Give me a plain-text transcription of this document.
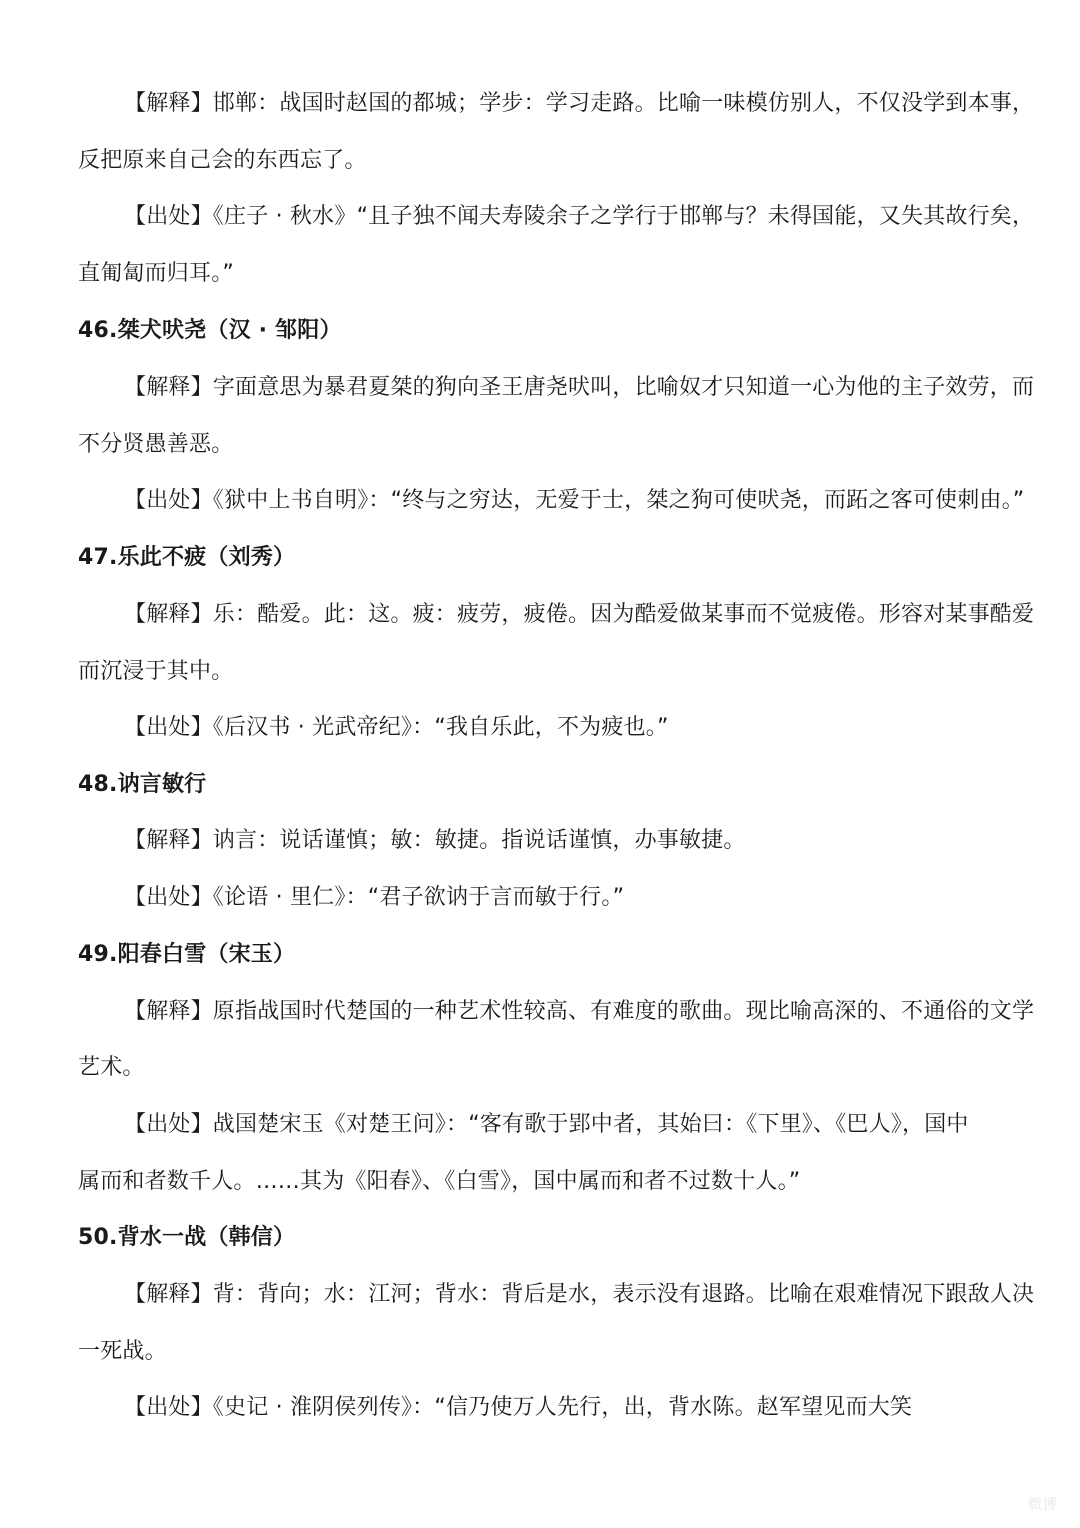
【解释】邯郸：战国时赵国的都城；学步：学习走路。比喻一味模仿别人，不仅没学到本事，
反把原来自己会的东西忘了。
【出处】《庄子 · 秋水》“且子独不闻夫寿陵余子之学行于邯郸与？未得国能，又失其故行矣，
直匍匐而归耳。”
46.桀犬吠尧（汉 · 邹阳）
【解释】字面意思为暴君夏桀的狗向圣王唐尧吠叫，比喻奴才只知道一心为他的主子效劳，而
不分贤愚善恶。
【出处】《狱中上书自明》：“终与之穷达，无爱于士，桀之狗可使吠尧，而跖之客可使刺由。”
47.乐此不疲（刘秀）
【解释】乐：酷爱。此：这。疲：疲劳，疲倦。因为酷爱做某事而不觉疲倦。形容对某事酷爱
而沉浸于其中。
【出处】《后汉书 · 光武帝纪》：“我自乐此，不为疲也。”
48.讷言敏行
【解释】讷言：说话谨慎；敏：敏捷。指说话谨慎，办事敏捷。
【出处】《论语 · 里仁》：“君子欲讷于言而敏于行。”
49.阳春白雪（宋玉）
【解释】原指战国时代楚国的一种艺术性较高、有难度的歌曲。现比喻高深的、不通俗的文学
艺术。
【出处】战国楚宋玉《对楚王问》：“客有歌于郢中者，其始曰：《下里》、《巴人》，国中
属而和者数千人。……其为《阳春》、《白雪》，国中属而和者不过数十人。”
50.背水一战（韩信）
【解释】背：背向；水：江河；背水：背后是水，表示没有退路。比喻在艰难情况下跟敌人决
一死战。
【出处】《史记 · 淮阴侯列传》：“信乃使万人先行，出，背水陈。赵军望见而大笑
微博
